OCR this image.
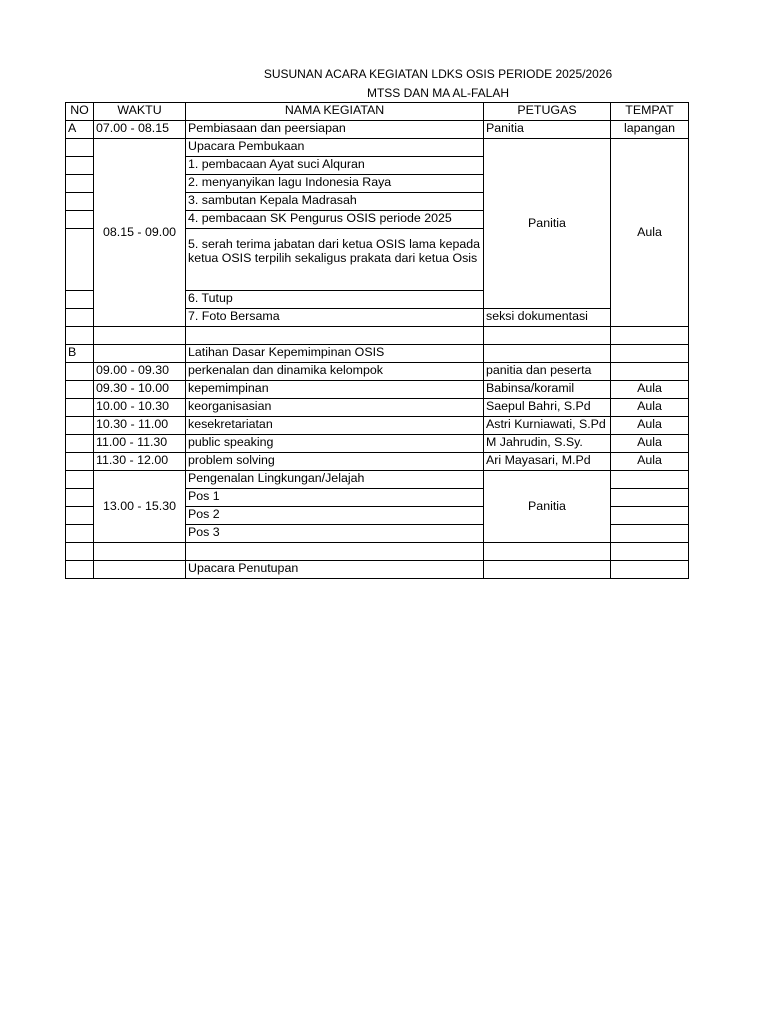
SUSUNAN ACARA KEGIATAN LDKS OSIS PERIODE 2025/2026
MTSS DAN MA AL-FALAH
NO	WAKTU	NAMA KEGIATAN	PETUGAS	TEMPAT
A	07.00 - 08.15	Pembiasaan dan peersiapan	Panitia	lapangan
	08.15 - 09.00	Upacara Pembukaan	Panitia	Aula
		1. pembacaan Ayat suci Alquran		
		2. menyanyikan lagu Indonesia Raya		
		3. sambutan Kepala Madrasah		
		4. pembacaan SK Pengurus OSIS periode 2025		
		5. serah terima jabatan dari ketua OSIS lama kepada ketua OSIS terpilih sekaligus prakata dari ketua Osis		
		6. Tutup		
		7. Foto Bersama	seksi dokumentasi	

B		Latihan Dasar Kepemimpinan OSIS		
	09.00 - 09.30	perkenalan dan dinamika kelompok	panitia dan peserta	
	09.30 - 10.00	kepemimpinan	Babinsa/koramil	Aula
	10.00 - 10.30	keorganisasian	Saepul Bahri, S.Pd	Aula
	10.30 - 11.00	kesekretariatan	Astri Kurniawati, S.Pd	Aula
	11.00 - 11.30	public speaking	M Jahrudin, S.Sy.	Aula
	11.30 - 12.00	problem solving	Ari Mayasari, M.Pd	Aula
	13.00 - 15.30	Pengenalan Lingkungan/Jelajah	Panitia	
		Pos 1		
		Pos 2		
		Pos 3		

		Upacara Penutupan		
